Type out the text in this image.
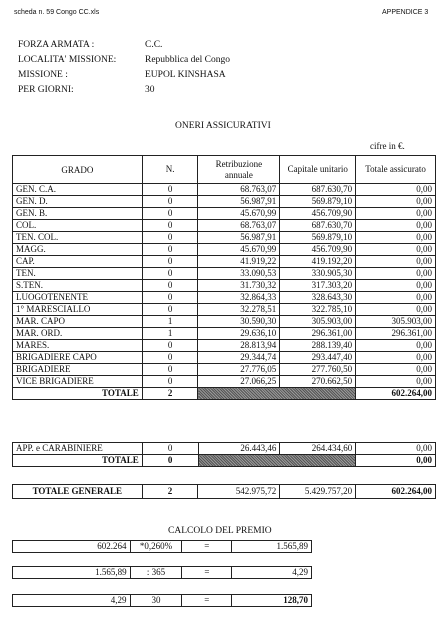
scheda n. 59 Congo CC.xls	APPENDICE 3
FORZA ARMATA :	C.C.
LOCALITA' MISSIONE:	Repubblica del Congo
MISSIONE :	EUPOL KINSHASA
PER GIORNI:	30
ONERI ASSICURATIVI
cifre in €.
GRADO	N.	Retribuzione annuale	Capitale unitario	Totale assicurato
GEN. C.A.	0	68.763,07	687.630,70	0,00
GEN. D.	0	56.987,91	569.879,10	0,00
GEN. B.	0	45.670,99	456.709,90	0,00
COL.	0	68.763,07	687.630,70	0,00
TEN. COL.	0	56.987,91	569.879,10	0,00
MAGG.	0	45.670,99	456.709,90	0,00
CAP.	0	41.919,22	419.192,20	0,00
TEN.	0	33.090,53	330.905,30	0,00
S.TEN.	0	31.730,32	317.303,20	0,00
LUOGOTENENTE	0	32.864,33	328.643,30	0,00
1° MARESCIALLO	0	32.278,51	322.785,10	0,00
MAR. CAPO	1	30.590,30	305.903,00	305.903,00
MAR. ORD.	1	29.636,10	296.361,00	296.361,00
MARES.	0	28.813,94	288.139,40	0,00
BRIGADIERE CAPO	0	29.344,74	293.447,40	0,00
BRIGADIERE	0	27.776,05	277.760,50	0,00
VICE BRIGADIERE	0	27.066,25	270.662,50	0,00
TOTALE	2			602.264,00
APP. e CARABINIERE	0	26.443,46	264.434,60	0,00
TOTALE	0			0,00
TOTALE GENERALE	2	542.975,72	5.429.757,20	602.264,00
CALCOLO DEL PREMIO
602.264	*0,260%	=	1.565,89
1.565,89	: 365	=	4,29
4,29	30	=	128,70
